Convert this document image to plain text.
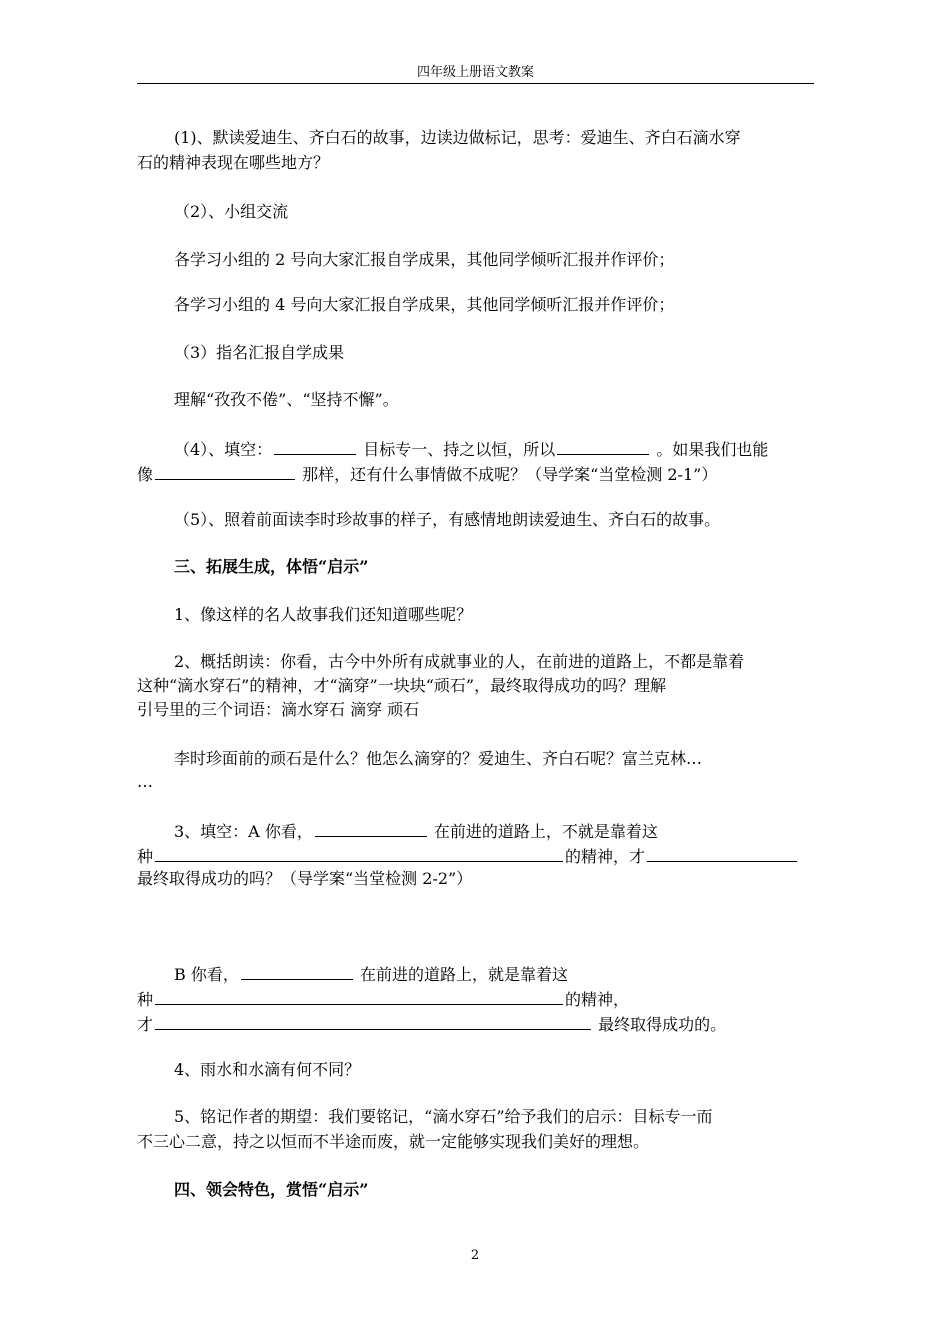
四年级上册语文教案
(1)、默读爱迪生、齐白石的故事，边读边做标记，思考：爱迪生、齐白石滴水穿
石的精神表现在哪些地方？
（2）、小组交流
各学习小组的 2 号向大家汇报自学成果，其他同学倾听汇报并作评价；
各学习小组的 4 号向大家汇报自学成果，其他同学倾听汇报并作评价；
（3）指名汇报自学成果
理解“孜孜不倦”、“坚持不懈”。
（4）、填空：	目标专一、持之以恒，所以	。如果我们也能
像	那样，还有什么事情做不成呢？（导学案“当堂检测 2-1”）
（5）、照着前面读李时珍故事的样子，有感情地朗读爱迪生、齐白石的故事。
三、拓展生成，体悟“启示”
1、像这样的名人故事我们还知道哪些呢？
2、概括朗读：你看，古今中外所有成就事业的人，在前进的道路上，不都是靠着
这种“滴水穿石”的精神，才“滴穿”一块块“顽石”，最终取得成功的吗？理解
引号里的三个词语：滴水穿石 滴穿 顽石
李时珍面前的顽石是什么？他怎么滴穿的？爱迪生、齐白石呢？富兰克林…
…
3、填空：A 你看，	在前进的道路上，不就是靠着这
种	的精神，才
最终取得成功的吗？（导学案“当堂检测 2-2”）
B 你看，	在前进的道路上，就是靠着这
种	的精神，
才	最终取得成功的。
4、雨水和水滴有何不同？
5、铭记作者的期望：我们要铭记，“滴水穿石”给予我们的启示：目标专一而
不三心二意，持之以恒而不半途而废，就一定能够实现我们美好的理想。
四、领会特色，赏悟“启示”
2
